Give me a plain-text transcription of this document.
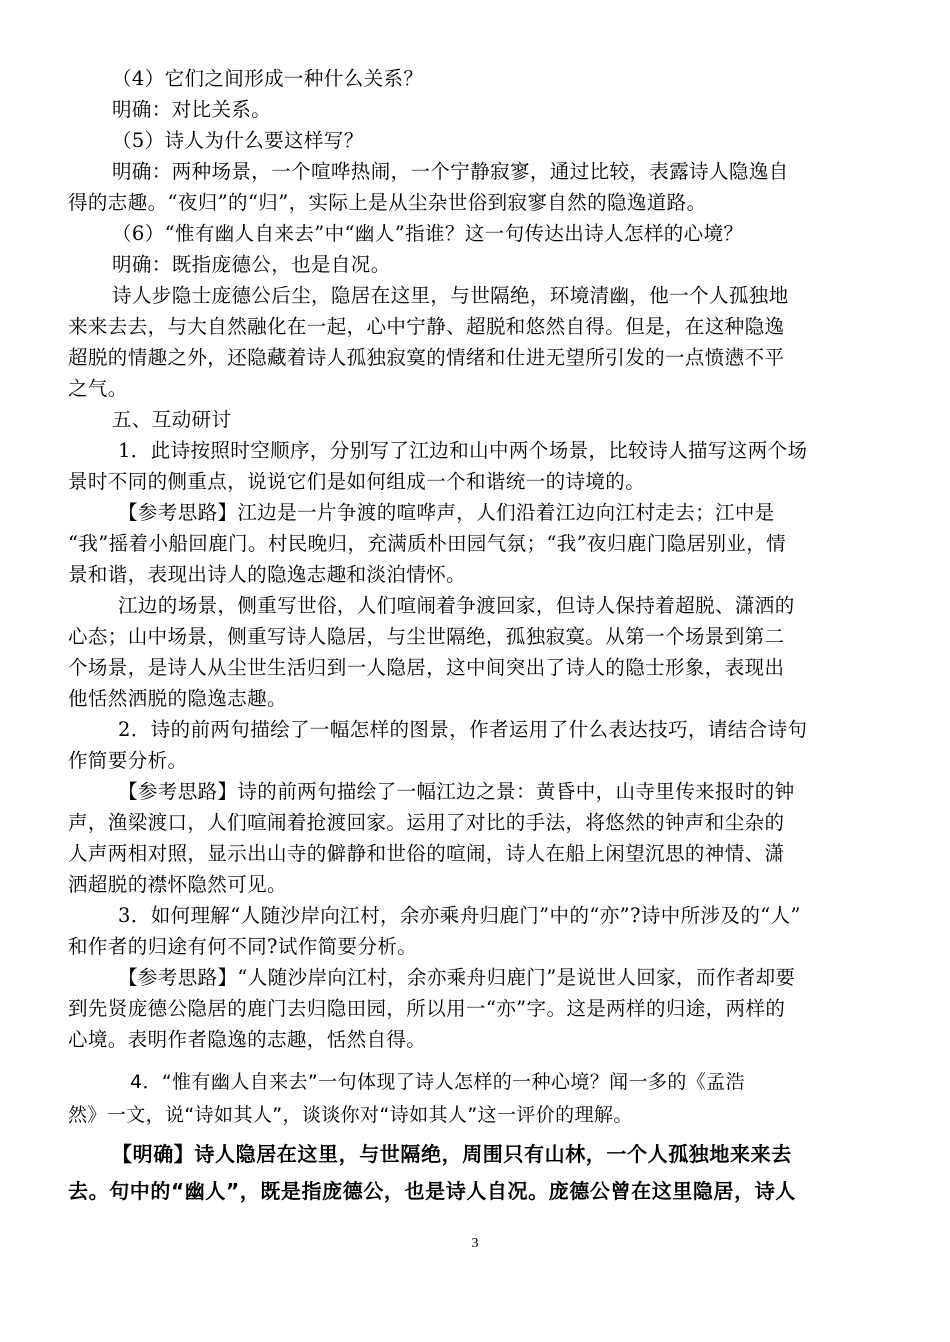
（4）它们之间形成一种什么关系？
明确：对比关系。
（5）诗人为什么要这样写？
明确：两种场景，一个喧哗热闹，一个宁静寂寥，通过比较，表露诗人隐逸自
得的志趣。“夜归”的“归”，实际上是从尘杂世俗到寂寥自然的隐逸道路。
（6）“惟有幽人自来去”中“幽人”指谁？这一句传达出诗人怎样的心境？
明确：既指庞德公，也是自况。
诗人步隐士庞德公后尘，隐居在这里，与世隔绝，环境清幽，他一个人孤独地
来来去去，与大自然融化在一起，心中宁静、超脱和悠然自得。但是，在这种隐逸
超脱的情趣之外，还隐藏着诗人孤独寂寞的情绪和仕进无望所引发的一点愤懑不平
之气。
五、互动研讨
1．此诗按照时空顺序，分别写了江边和山中两个场景，比较诗人描写这两个场
景时不同的侧重点，说说它们是如何组成一个和谐统一的诗境的。
【参考思路】江边是一片争渡的喧哗声，人们沿着江边向江村走去；江中是
“我”摇着小船回鹿门。村民晚归，充满质朴田园气氛；“我”夜归鹿门隐居别业，情
景和谐，表现出诗人的隐逸志趣和淡泊情怀。
江边的场景，侧重写世俗，人们喧闹着争渡回家，但诗人保持着超脱、潇洒的
心态；山中场景，侧重写诗人隐居，与尘世隔绝，孤独寂寞。从第一个场景到第二
个场景，是诗人从尘世生活归到一人隐居，这中间突出了诗人的隐士形象，表现出
他恬然洒脱的隐逸志趣。
2．诗的前两句描绘了一幅怎样的图景，作者运用了什么表达技巧，请结合诗句
作简要分析。
【参考思路】诗的前两句描绘了一幅江边之景：黄昏中，山寺里传来报时的钟
声，渔梁渡口，人们喧闹着抢渡回家。运用了对比的手法，将悠然的钟声和尘杂的
人声两相对照，显示出山寺的僻静和世俗的喧闹，诗人在船上闲望沉思的神情、潇
洒超脱的襟怀隐然可见。
3．如何理解“人随沙岸向江村，余亦乘舟归鹿门”中的“亦”?诗中所涉及的“人”
和作者的归途有何不同?试作简要分析。
【参考思路】“人随沙岸向江村，余亦乘舟归鹿门”是说世人回家，而作者却要
到先贤庞德公隐居的鹿门去归隐田园，所以用一“亦”字。这是两样的归途，两样的
心境。表明作者隐逸的志趣，恬然自得。
4．“惟有幽人自来去”一句体现了诗人怎样的一种心境？闻一多的《孟浩
然》一文，说“诗如其人”，谈谈你对“诗如其人”这一评价的理解。
【明确】诗人隐居在这里，与世隔绝，周围只有山林，一个人孤独地来来去
去。句中的“幽人”，既是指庞德公，也是诗人自况。庞德公曾在这里隐居，诗人
3
